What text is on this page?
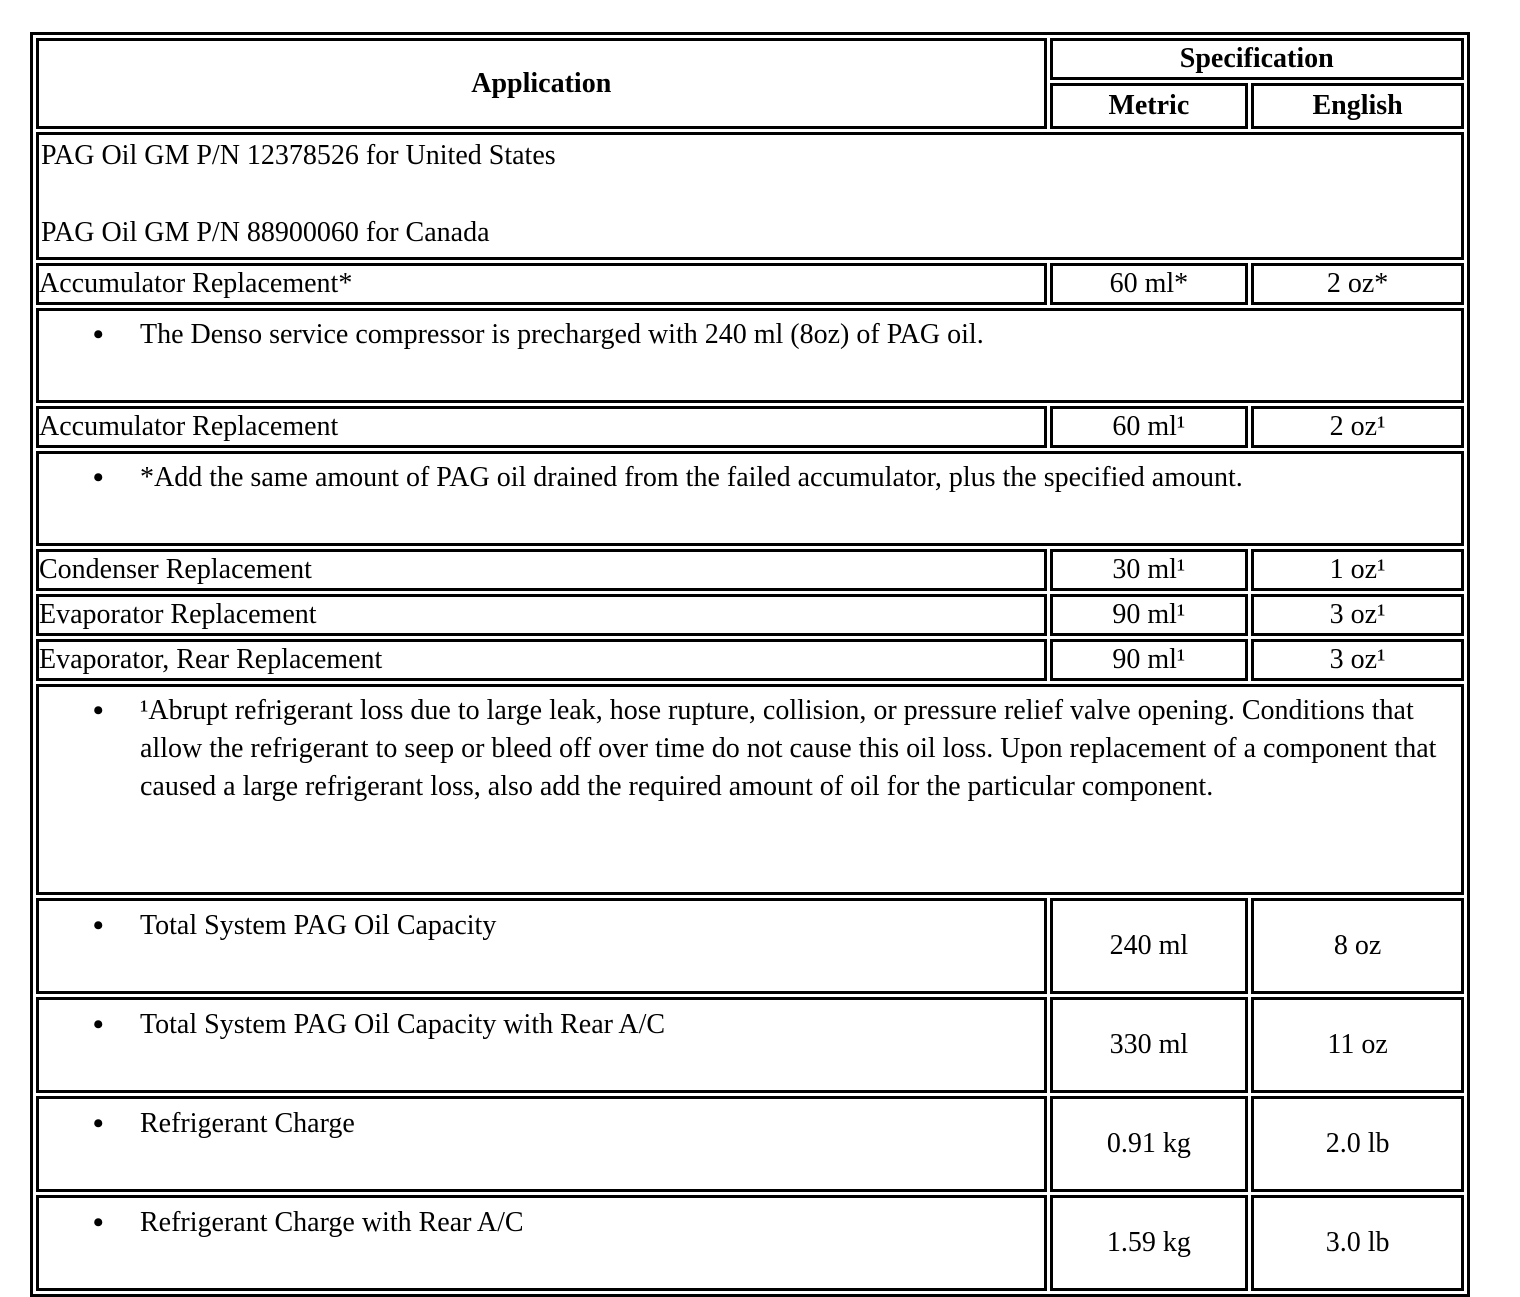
Application	Specification	
	Metric	English

PAG Oil GM P/N 12378526 for United States
PAG Oil GM P/N 88900060 for Canada		

Accumulator Replacement*	60 ml*	2 oz*

• The Denso service compressor is precharged with 240 ml (8oz) of PAG oil.		

Accumulator Replacement	60 ml¹	2 oz¹

• *Add the same amount of PAG oil drained from the failed accumulator, plus the specified amount.		

Condenser Replacement	30 ml¹	1 oz¹
Evaporator Replacement	90 ml¹	3 oz¹
Evaporator, Rear Replacement	90 ml¹	3 oz¹

• ¹Abrupt refrigerant loss due to large leak, hose rupture, collision, or pressure relief valve opening. Conditions that allow the refrigerant to seep or bleed off over time do not cause this oil loss. Upon replacement of a component that caused a large refrigerant loss, also add the required amount of oil for the particular component.		

• Total System PAG Oil Capacity	240 ml	8 oz

• Total System PAG Oil Capacity with Rear A/C	330 ml	11 oz

• Refrigerant Charge	0.91 kg	2.0 lb

• Refrigerant Charge with Rear A/C	1.59 kg	3.0 lb
